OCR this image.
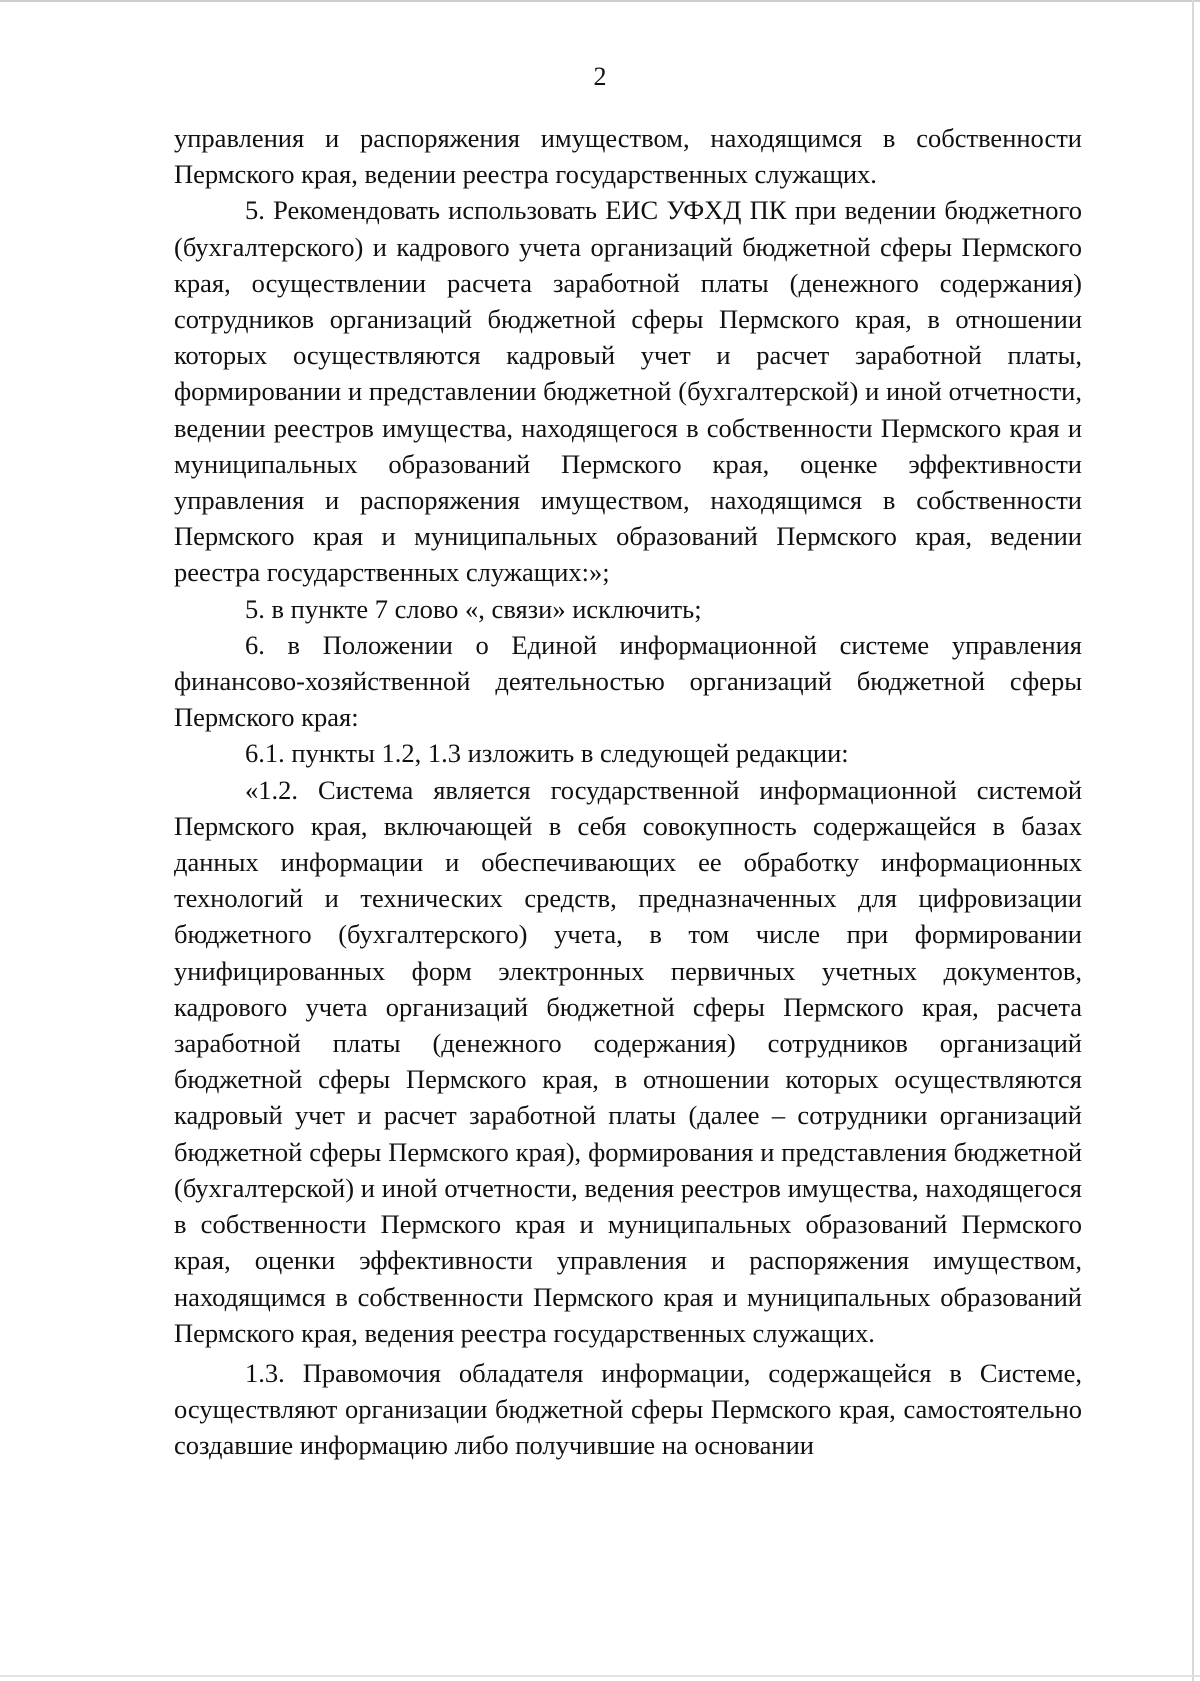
2

управления и распоряжения имуществом, находящимся в собственности Пермского края, ведении реестра государственных служащих.

5. Рекомендовать использовать ЕИС УФХД ПК при ведении бюджетного (бухгалтерского) и кадрового учета организаций бюджетной сферы Пермского края, осуществлении расчета заработной платы (денежного содержания) сотрудников организаций бюджетной сферы Пермского края, в отношении которых осуществляются кадровый учет и расчет заработной платы, формировании и представлении бюджетной (бухгалтерской) и иной отчетности, ведении реестров имущества, находящегося в собственности Пермского края и муниципальных образований Пермского края, оценке эффективности управления и распоряжения имуществом, находящимся в собственности Пермского края и муниципальных образований Пермского края, ведении реестра государственных служащих:»;

5. в пункте 7 слово «, связи» исключить;

6. в Положении о Единой информационной системе управления финансово-хозяйственной деятельностью организаций бюджетной сферы Пермского края:

6.1. пункты 1.2, 1.3 изложить в следующей редакции:

«1.2. Система является государственной информационной системой Пермского края, включающей в себя совокупность содержащейся в базах данных информации и обеспечивающих ее обработку информационных технологий и технических средств, предназначенных для цифровизации бюджетного (бухгалтерского) учета, в том числе при формировании унифицированных форм электронных первичных учетных документов, кадрового учета организаций бюджетной сферы Пермского края, расчета заработной платы (денежного содержания) сотрудников организаций бюджетной сферы Пермского края, в отношении которых осуществляются кадровый учет и расчет заработной платы (далее – сотрудники организаций бюджетной сферы Пермского края), формирования и представления бюджетной (бухгалтерской) и иной отчетности, ведения реестров имущества, находящегося в собственности Пермского края и муниципальных образований Пермского края, оценки эффективности управления и распоряжения имуществом, находящимся в собственности Пермского края и муниципальных образований Пермского края, ведения реестра государственных служащих.

1.3. Правомочия обладателя информации, содержащейся в Системе, осуществляют организации бюджетной сферы Пермского края, самостоятельно создавшие информацию либо получившие на основании
